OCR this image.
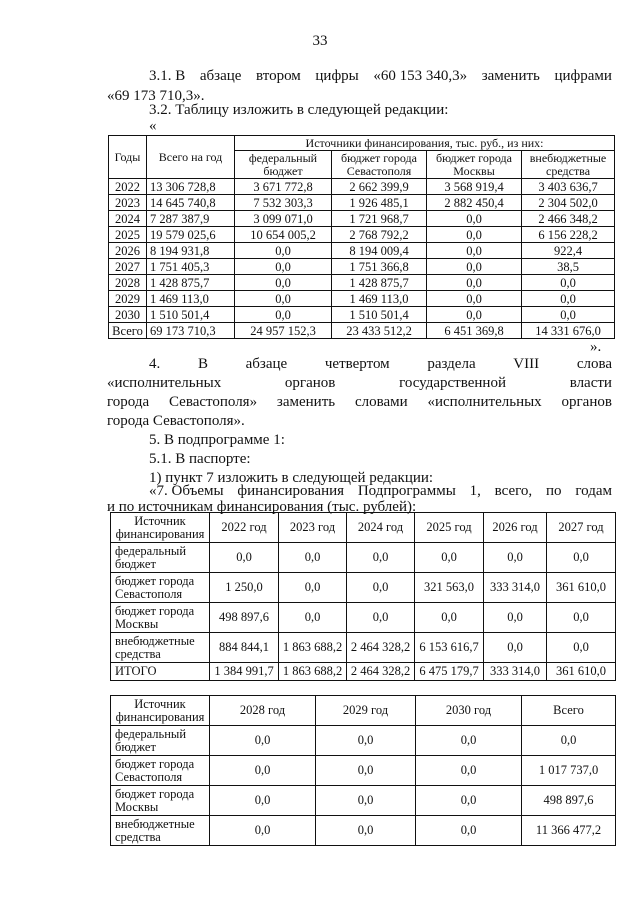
33
3.1. В абзаце втором цифры «60 153 340,3» заменить цифрами
«69 173 710,3».
3.2. Таблицу изложить в следующей редакции:
«
Годы	Всего на год	Источники финансирования, тыс. руб., из них:			
		федеральный бюджет	бюджет города Севастополя	бюджет города Москвы	внебюджетные средства
2022	13 306 728,8	3 671 772,8	2 662 399,9	3 568 919,4	3 403 636,7
2023	14 645 740,8	7 532 303,3	1 926 485,1	2 882 450,4	2 304 502,0
2024	7 287 387,9	3 099 071,0	1 721 968,7	0,0	2 466 348,2
2025	19 579 025,6	10 654 005,2	2 768 792,2	0,0	6 156 228,2
2026	8 194 931,8	0,0	8 194 009,4	0,0	922,4
2027	1 751 405,3	0,0	1 751 366,8	0,0	38,5
2028	1 428 875,7	0,0	1 428 875,7	0,0	0,0
2029	1 469 113,0	0,0	1 469 113,0	0,0	0,0
2030	1 510 501,4	0,0	1 510 501,4	0,0	0,0
Всего	69 173 710,3	24 957 152,3	23 433 512,2	6 451 369,8	14 331 676,0
».
4.	В	абзаце	четвертом	раздела	VIII	слова
«исполнительных	органов	государственной	власти
города Севастополя» заменить словами «исполнительных органов
города Севастополя».
5. В подпрограмме 1:
5.1. В паспорте:
1) пункт 7 изложить в следующей редакции:
«7. Объемы финансирования Подпрограммы 1, всего, по годам
и по источникам финансирования (тыс. рублей):
Источник финансирования	2022 год	2023 год	2024 год	2025 год	2026 год	2027 год
федеральный бюджет	0,0	0,0	0,0	0,0	0,0	0,0
бюджет города Севастополя	1 250,0	0,0	0,0	321 563,0	333 314,0	361 610,0
бюджет города Москвы	498 897,6	0,0	0,0	0,0	0,0	0,0
внебюджетные средства	884 844,1	1 863 688,2	2 464 328,2	6 153 616,7	0,0	0,0
ИТОГО	1 384 991,7	1 863 688,2	2 464 328,2	6 475 179,7	333 314,0	361 610,0
Источник финансирования	2028 год	2029 год	2030 год	Всего
федеральный бюджет	0,0	0,0	0,0	0,0
бюджет города Севастополя	0,0	0,0	0,0	1 017 737,0
бюджет города Москвы	0,0	0,0	0,0	498 897,6
внебюджетные средства	0,0	0,0	0,0	11 366 477,2
